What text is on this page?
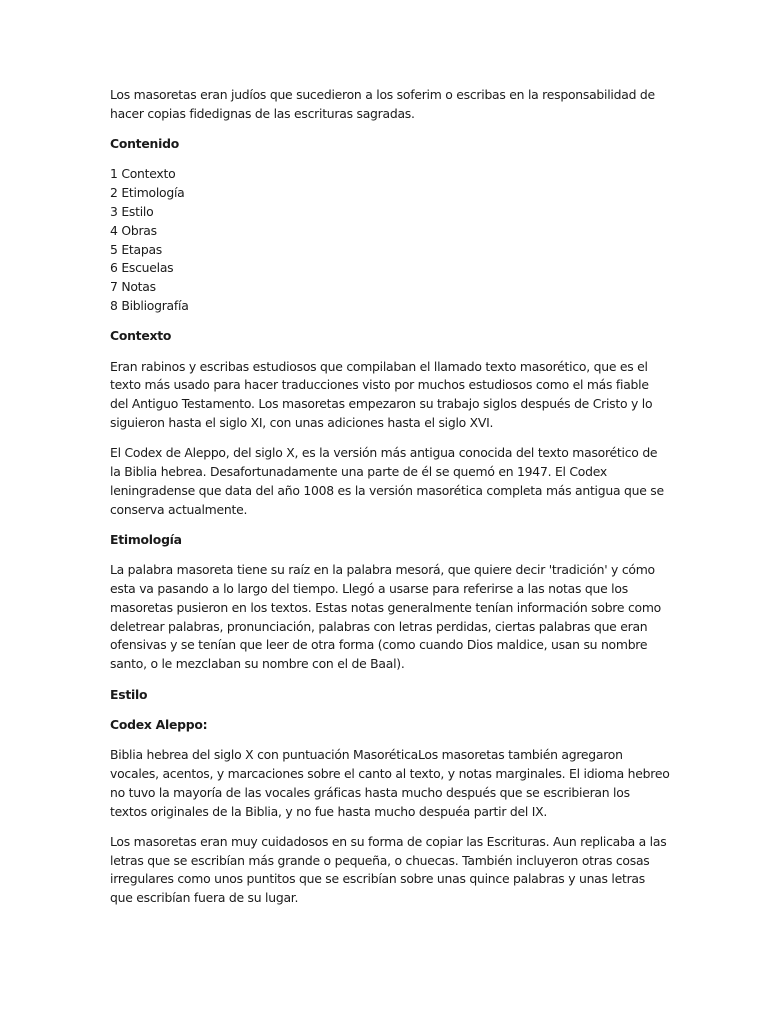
Los masoretas eran judíos que sucedieron a los soferim o escribas en la responsabilidad de hacer copias fidedignas de las escrituras sagradas.

Contenido

1 Contexto
2 Etimología
3 Estilo
4 Obras
5 Etapas
6 Escuelas
7 Notas
8 Bibliografía

Contexto

Eran rabinos y escribas estudiosos que compilaban el llamado texto masorético, que es el texto más usado para hacer traducciones visto por muchos estudiosos como el más fiable del Antiguo Testamento. Los masoretas empezaron su trabajo siglos después de Cristo y lo siguieron hasta el siglo XI, con unas adiciones hasta el siglo XVI.

El Codex de Aleppo, del siglo X, es la versión más antigua conocida del texto masorético de la Biblia hebrea. Desafortunadamente una parte de él se quemó en 1947. El Codex leningradense que data del año 1008 es la versión masorética completa más antigua que se conserva actualmente.

Etimología

La palabra masoreta tiene su raíz en la palabra mesorá, que quiere decir 'tradición' y cómo esta va pasando a lo largo del tiempo. Llegó a usarse para referirse a las notas que los masoretas pusieron en los textos. Estas notas generalmente tenían información sobre como deletrear palabras, pronunciación, palabras con letras perdidas, ciertas palabras que eran ofensivas y se tenían que leer de otra forma (como cuando Dios maldice, usan su nombre santo, o le mezclaban su nombre con el de Baal).

Estilo

Codex Aleppo:

Biblia hebrea del siglo X con puntuación MasoréticaLos masoretas también agregaron vocales, acentos, y marcaciones sobre el canto al texto, y notas marginales. El idioma hebreo no tuvo la mayoría de las vocales gráficas hasta mucho después que se escribieran los textos originales de la Biblia, y no fue hasta mucho despuéa partir del IX.

Los masoretas eran muy cuidadosos en su forma de copiar las Escrituras. Aun replicaba a las letras que se escribían más grande o pequeña, o chuecas. También incluyeron otras cosas irregulares como unos puntitos que se escribían sobre unas quince palabras y unas letras que escribían fuera de su lugar.
